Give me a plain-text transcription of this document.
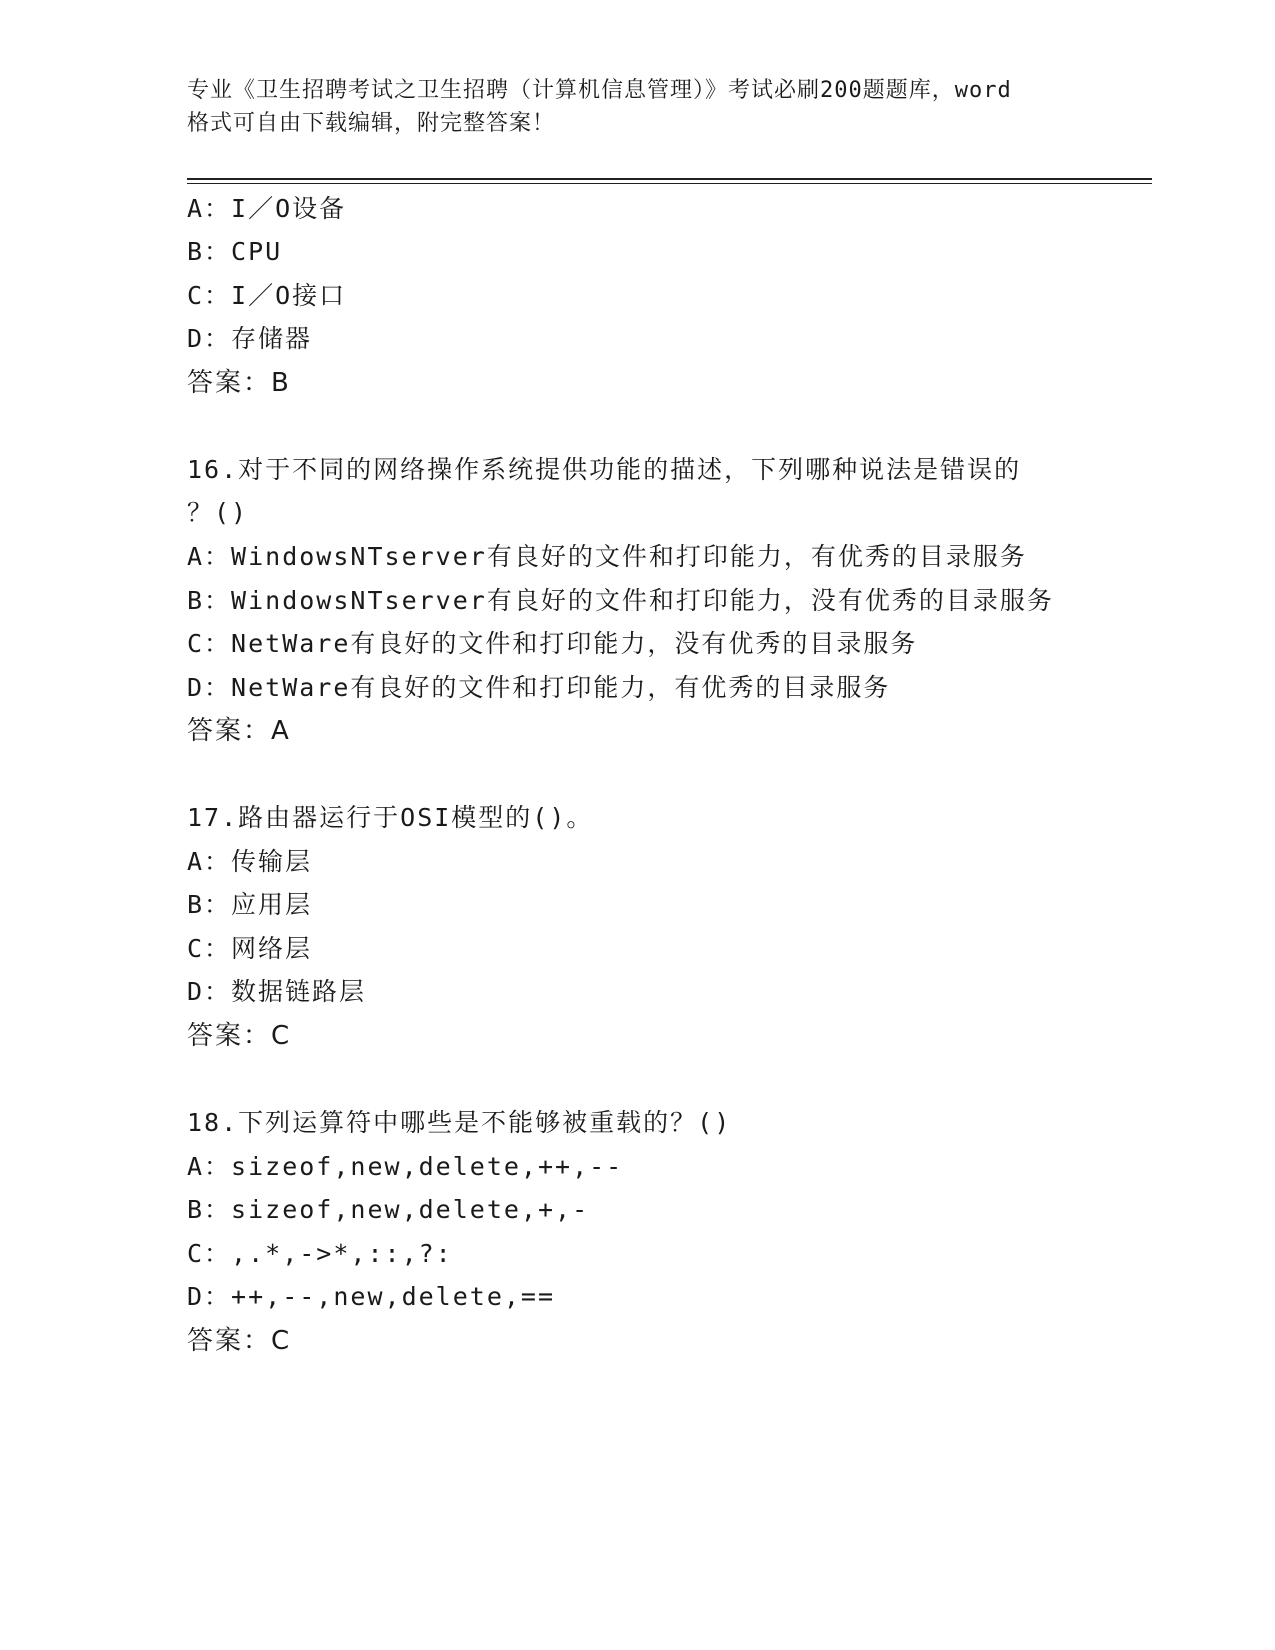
专业《卫生招聘考试之卫生招聘（计算机信息管理）》考试必刷200题题库，word
格式可自由下载编辑，附完整答案！
A：I／O设备
B：CPU
C：I／O接口
D：存储器
答案：B
16.对于不同的网络操作系统提供功能的描述，下列哪种说法是错误的
？()
A：WindowsNTserver有良好的文件和打印能力，有优秀的目录服务
B：WindowsNTserver有良好的文件和打印能力，没有优秀的目录服务
C：NetWare有良好的文件和打印能力，没有优秀的目录服务
D：NetWare有良好的文件和打印能力，有优秀的目录服务
答案：A
17.路由器运行于OSI模型的()。
A：传输层
B：应用层
C：网络层
D：数据链路层
答案：C
18.下列运算符中哪些是不能够被重载的？()
A：sizeof,new,delete,++,--
B：sizeof,new,delete,+,-
C：,.*,->*,::,?:
D：++,--,new,delete,==
答案：C
